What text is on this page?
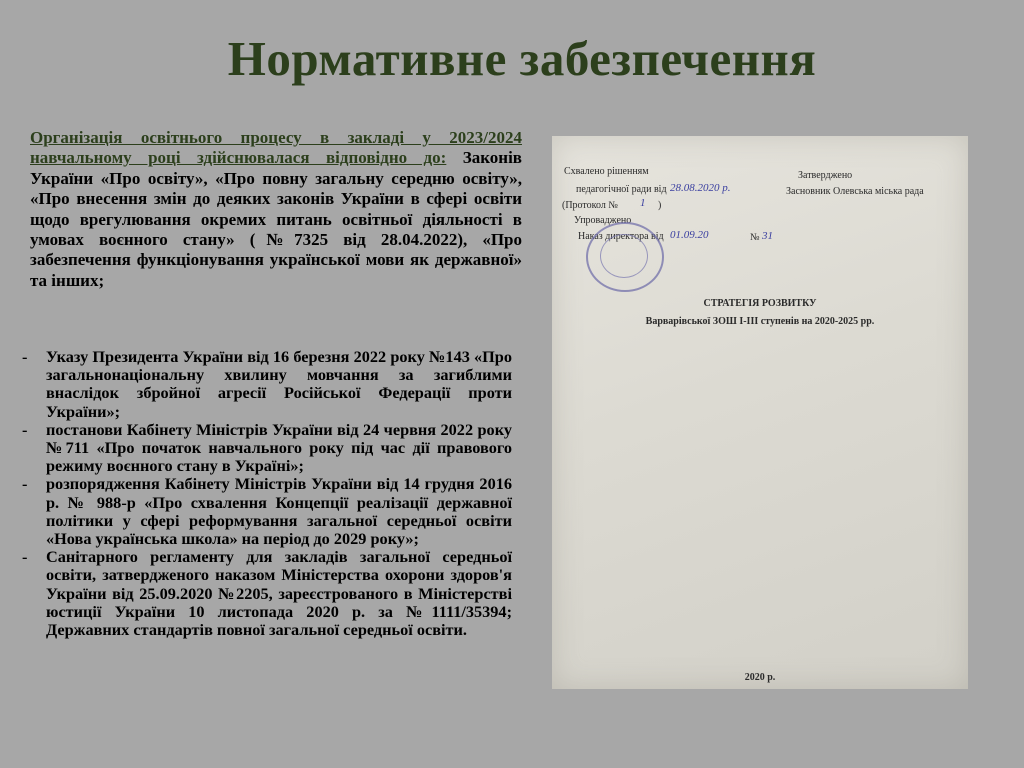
Нормативне забезпечення
Організація освітнього процесу в закладі у 2023/2024 навчальному році здійснювалася відповідно до: Законів України «Про освіту», «Про повну загальну середню освіту», «Про внесення змін до деяких законів України в сфері освіти щодо врегулювання окремих питань освітньої діяльності в умовах воєнного стану» (№7325 від 28.04.2022), «Про забезпечення функціонування української мови як державної» та інших;
- Указу Президента України від 16 березня 2022 року №143 «Про загальнонаціональну хвилину мовчання за загиблими внаслідок збройної агресії Російської Федерації проти України»;
- постанови Кабінету Міністрів України від 24 червня 2022 року №711 «Про початок навчального року під час дії правового режиму воєнного стану в Україні»;
- розпорядження Кабінету Міністрів України від 14 грудня 2016 р. № 988-р «Про схвалення Концепції реалізації державної політики у сфері реформування загальної середньої освіти «Нова українська школа» на період до 2029 року»;
- Санітарного регламенту для закладів загальної середньої освіти, затвердженого наказом Міністерства охорони здоров'я України від 25.09.2020 №2205, зареєстрованого в Міністерстві юстиції України 10 листопада 2020 р. за №1111/35394; Державних стандартів повної загальної середньої освіти.
Схвалено рішенням	Затверджено
педагогічної ради від 28.08.2020 р.	Засновник Олевська міська рада
(Протокол № 1 )
Упроваджено
Наказ директора від 01.09.20	№ 31
СТРАТЕГІЯ РОЗВИТКУ
Варварівської ЗОШ І-ІІІ ступенів на 2020-2025 рр.
2020 р.
